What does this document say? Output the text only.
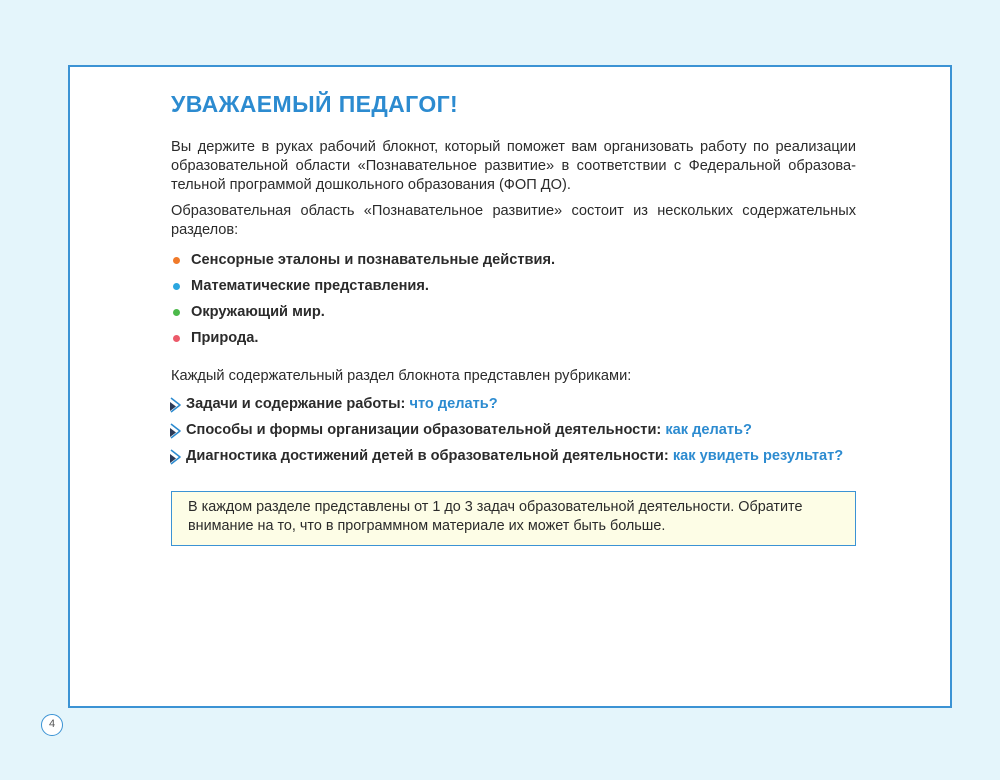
УВАЖАЕМЫЙ ПЕДАГОГ!

Вы держите в руках рабочий блокнот, который поможет вам организовать работу по реализации образовательной области «Познавательное развитие» в соответствии с Федеральной образова-тельной программой дошкольного образования (ФОП ДО).

Образовательная область «Познавательное развитие» состоит из нескольких содержательных разделов:

Сенсорные эталоны и познавательные действия.
Математические представления.
Окружающий мир.
Природа.

Каждый содержательный раздел блокнота представлен рубриками:

Задачи и содержание работы: что делать?
Способы и формы организации образовательной деятельности: как делать?
Диагностика достижений детей в образовательной деятельности: как увидеть результат?
В каждом разделе представлены от 1 до 3 задач образовательной деятельности. Обратите внимание на то, что в программном материале их может быть больше.
4
